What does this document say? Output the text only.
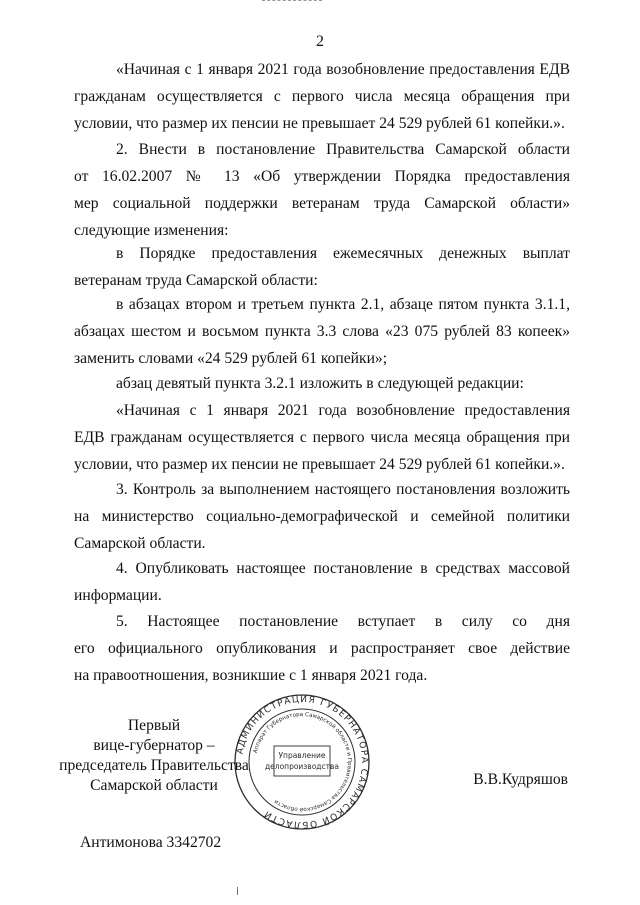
2
«Начиная с 1 января 2021 года возобновление предоставления ЕДВ
гражданам осуществляется с первого числа месяца обращения при
условии, что размер их пенсии не превышает 24 529 рублей 61 копейки.».
2. Внести в постановление Правительства Самарской области
от 16.02.2007 № 13 «Об утверждении Порядка предоставления
мер социальной поддержки ветеранам труда Самарской области»
следующие изменения:
в Порядке предоставления ежемесячных денежных выплат
ветеранам труда Самарской области:
в абзацах втором и третьем пункта 2.1, абзаце пятом пункта 3.1.1,
абзацах шестом и восьмом пункта 3.3 слова «23 075 рублей 83 копеек»
заменить словами «24 529 рублей 61 копейки»;
абзац девятый пункта 3.2.1 изложить в следующей редакции:
«Начиная с 1 января 2021 года возобновление предоставления
ЕДВ гражданам осуществляется с первого числа месяца обращения при
условии, что размер их пенсии не превышает 24 529 рублей 61 копейки.».
3. Контроль за выполнением настоящего постановления возложить
на министерство социально-демографической и семейной политики
Самарской области.
4. Опубликовать настоящее постановление в средствах массовой
информации.
5. Настоящее постановление вступает в силу со дня
его официального опубликования и распространяет свое действие
на правоотношения, возникшие с 1 января 2021 года.
Первый
вице-губернатор –
председатель Правительства
Самарской области
АДМИНИСТРАЦИЯ ГУБЕРНАТОРА САМАРСКОЙ ОБЛАСТИ
Аппарат Губернатора Самарской области и Правительства Самарской области
Управление
делопроизводства
В.В.Кудряшов
Антимонова 3342702
